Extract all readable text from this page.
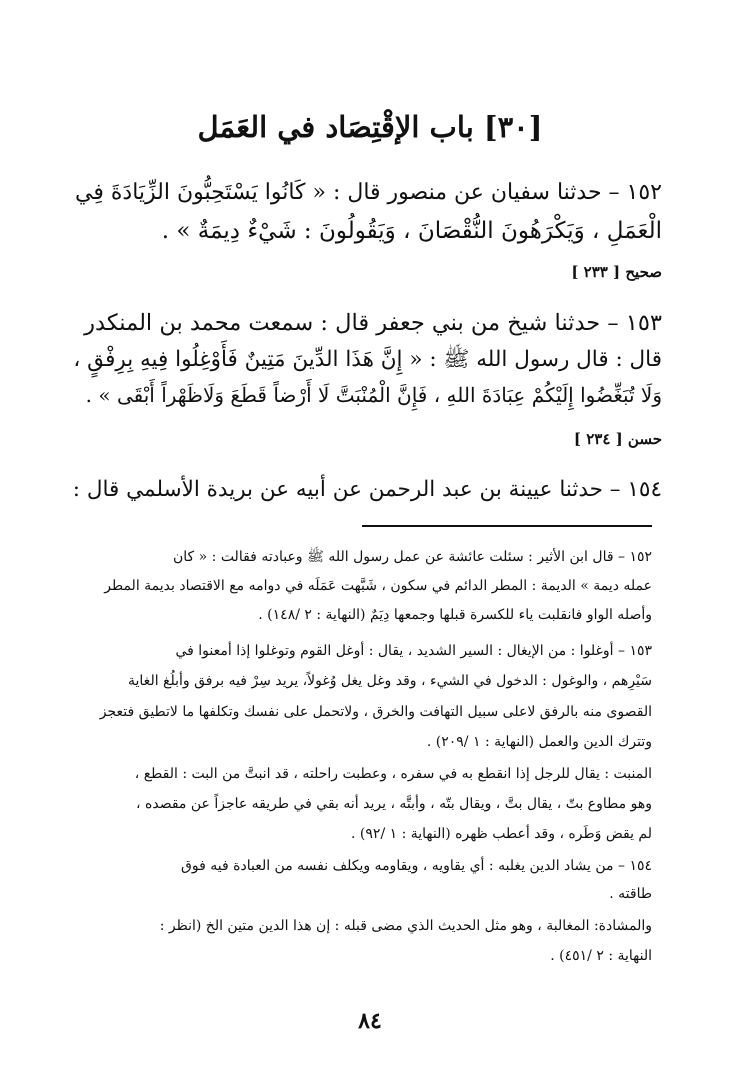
[٣٠] باب الإقْتِصَاد في العَمَل
١٥٢ – حدثنا سفيان عن منصور قال : « كَانُوا يَسْتَحِبُّونَ الزِّيَادَةَ فِي
الْعَمَلِ ، وَيَكْرَهُونَ النُّقْصَانَ ، وَيَقُولُونَ : شَيْءٌ دِيمَةٌ » .
صحيح [ ٢٣٣ ]
١٥٣ – حدثنا شيخ من بني جعفر قال : سمعت محمد بن المنكدر
قال : قال رسول الله ﷺ : « إِنَّ هَذَا الدِّينَ مَتِينٌ فَأَوْغِلُوا فِيهِ بِرِفْقٍ ،
وَلَا تُبَغِّضُوا إِلَيْكُمْ عِبَادَةَ اللهِ ، فَإِنَّ الْمُنْبَتَّ لَا أَرْضاً قَطَعَ وَلَاظَهْراً أَبْقَى » .
حسن [ ٢٣٤ ]
١٥٤ – حدثنا عيينة بن عبد الرحمن عن أبيه عن بريدة الأسلمي قال :
١٥٢ – قال ابن الأثير : سئلت عائشة عن عمل رسول الله ﷺ وعبادته فقالت : « كان
عمله ديمة » الديمة : المطر الدائم في سكون ، شَبَّهت عَمَلَه في دوامه مع الاقتصاد بديمة المطر
وأصله الواو فانقلبت ياء للكسرة قبلها وجمعها دِيَمٌ (النهاية : ٢ /١٤٨) .
١٥٣ – أوغلوا : من الإيغال : السير الشديد ، يقال : أوغل القوم وتوغلوا إذا أمعنوا في
سَيْرِهم ، والوغول : الدخول في الشيء ، وقد وغل يغل وُغولاً، يريد سِرْ فيه برفق وأبلُغ الغاية
القصوى منه بالرفق لاعلى سبيل التهافت والخرق ، ولاتحمل على نفسك وتكلفها ما لاتطيق فتعجز
وتترك الدين والعمل (النهاية : ١ /٢٠٩) .
المنبت : يقال للرجل إذا انقطع به في سفره ، وعطبت راحلته ، قد انبتَّ من البت : القطع ،
وهو مطاوع بتّ ، يقال بتَّ ، ويقال بتّه ، وأبتَّه ، يريد أنه بقي في طريقه عاجزاً عن مقصده ،
لم يقض وَطَره ، وقد أعطب ظهره (النهاية : ١ /٩٢) .
١٥٤ – من يشاد الدين يغلبه : أي يقاويه ، ويقاومه ويكلف نفسه من العبادة فيه فوق
طاقته .
والمشادة: المغالبة ، وهو مثل الحديث الذي مضى قبله : إن هذا الدين متين الخ (انظر :
النهاية : ٢ /٤٥١) .
٨٤
